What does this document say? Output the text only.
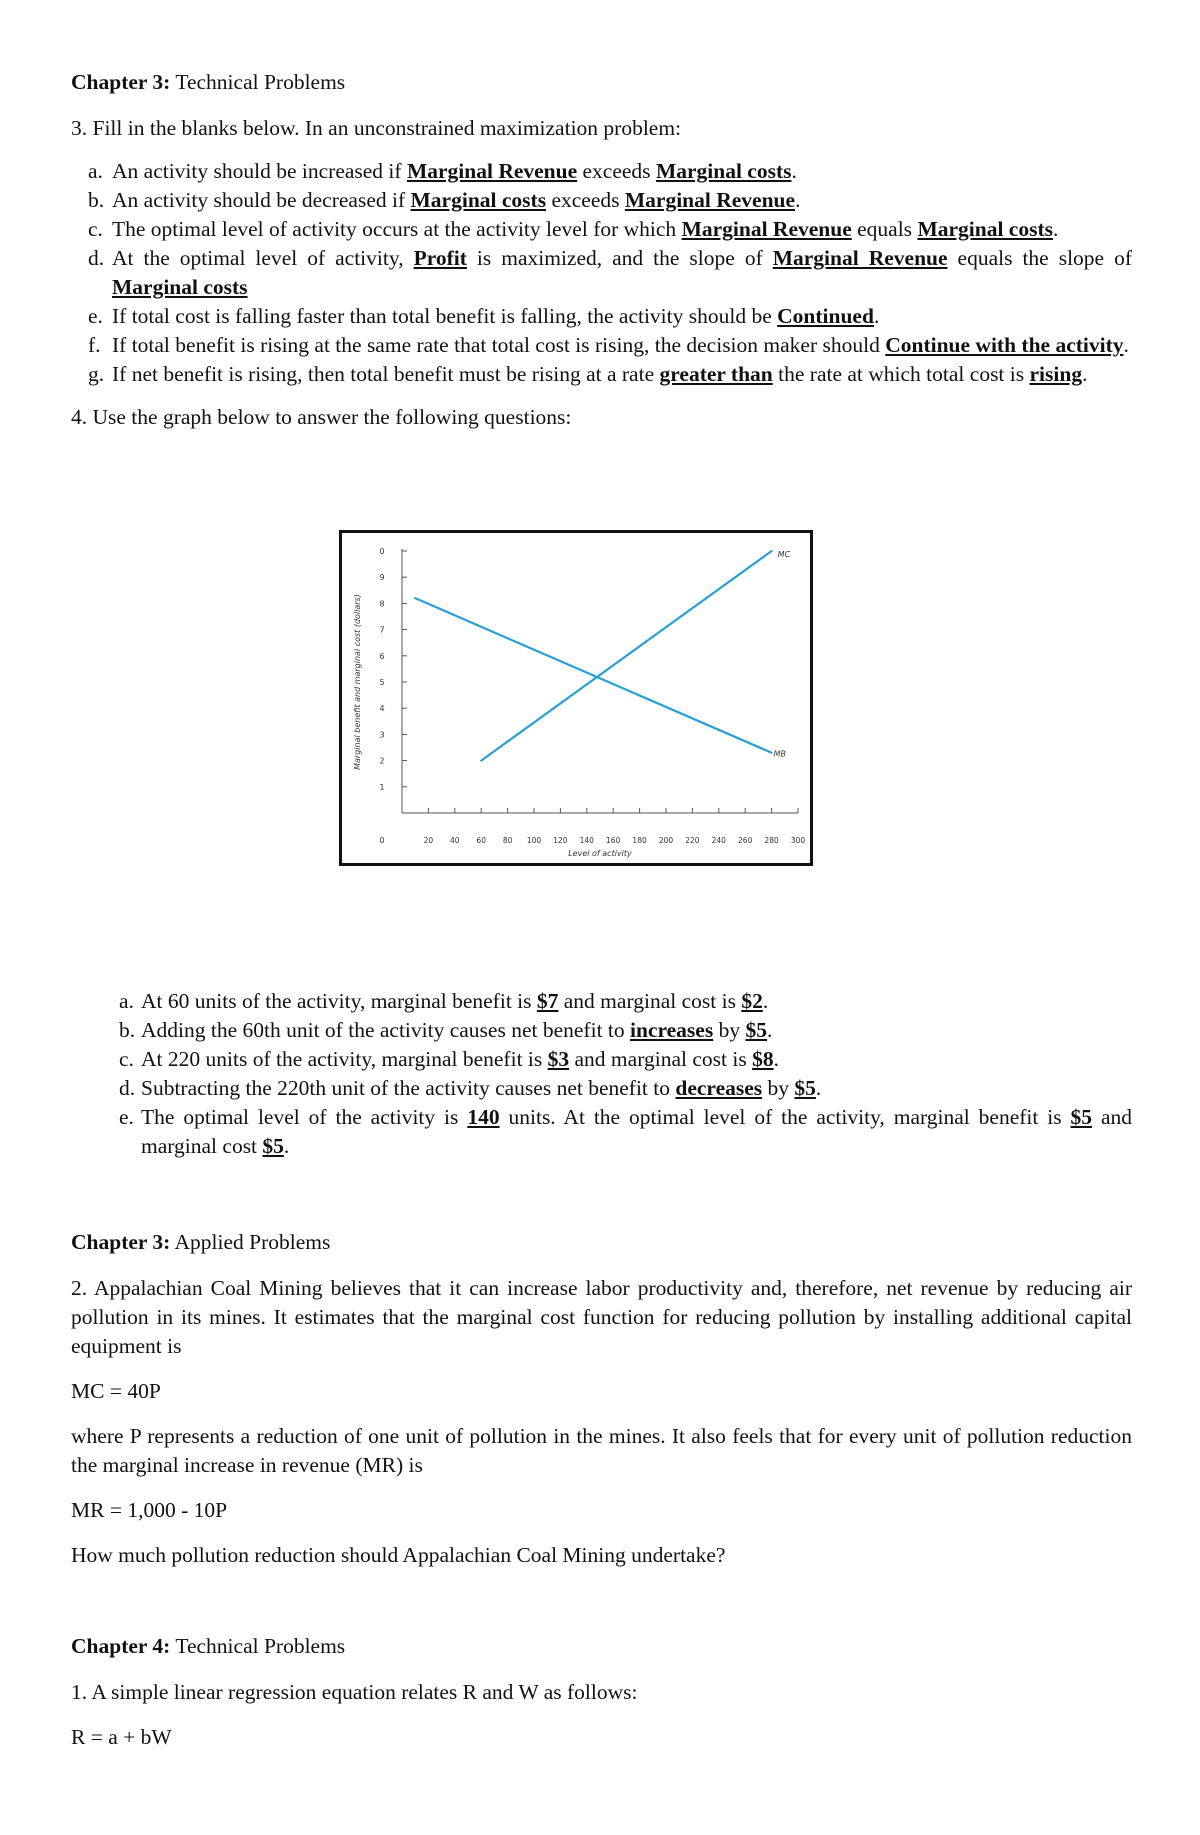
Chapter 3: Technical Problems

3. Fill in the blanks below. In an unconstrained maximization problem:

a. An activity should be increased if Marginal Revenue exceeds Marginal costs.
b. An activity should be decreased if Marginal costs exceeds Marginal Revenue.
c. The optimal level of activity occurs at the activity level for which Marginal Revenue equals Marginal costs.
d. At the optimal level of activity, Profit is maximized, and the slope of Marginal Revenue equals the slope of Marginal costs
e. If total cost is falling faster than total benefit is falling, the activity should be Continued.
f. If total benefit is rising at the same rate that total cost is rising, the decision maker should Continue with the activity.
g. If net benefit is rising, then total benefit must be rising at a rate greater than the rate at which total cost is rising.

4. Use the graph below to answer the following questions:

1
2
3
4
5
6
7
8
9
0
0	20 40 60 80 100 120 140 160 180 200 220 240 260 280 300
Level of activity
Marginal benefit and marginal cost (dollars)
MC
MB
a. At 60 units of the activity, marginal benefit is $7 and marginal cost is $2.
b. Adding the 60th unit of the activity causes net benefit to increases by $5.
c. At 220 units of the activity, marginal benefit is $3 and marginal cost is $8.
d. Subtracting the 220th unit of the activity causes net benefit to decreases by $5.
e. The optimal level of the activity is 140 units. At the optimal level of the activity, marginal benefit is $5 and marginal cost $5.

Chapter 3: Applied Problems

2. Appalachian Coal Mining believes that it can increase labor productivity and, therefore, net revenue by reducing air pollution in its mines. It estimates that the marginal cost function for reducing pollution by installing additional capital equipment is

MC = 40P

where P represents a reduction of one unit of pollution in the mines. It also feels that for every unit of pollution reduction the marginal increase in revenue (MR) is

MR = 1,000 - 10P

How much pollution reduction should Appalachian Coal Mining undertake?

Chapter 4: Technical Problems

1. A simple linear regression equation relates R and W as follows:

R = a + bW
